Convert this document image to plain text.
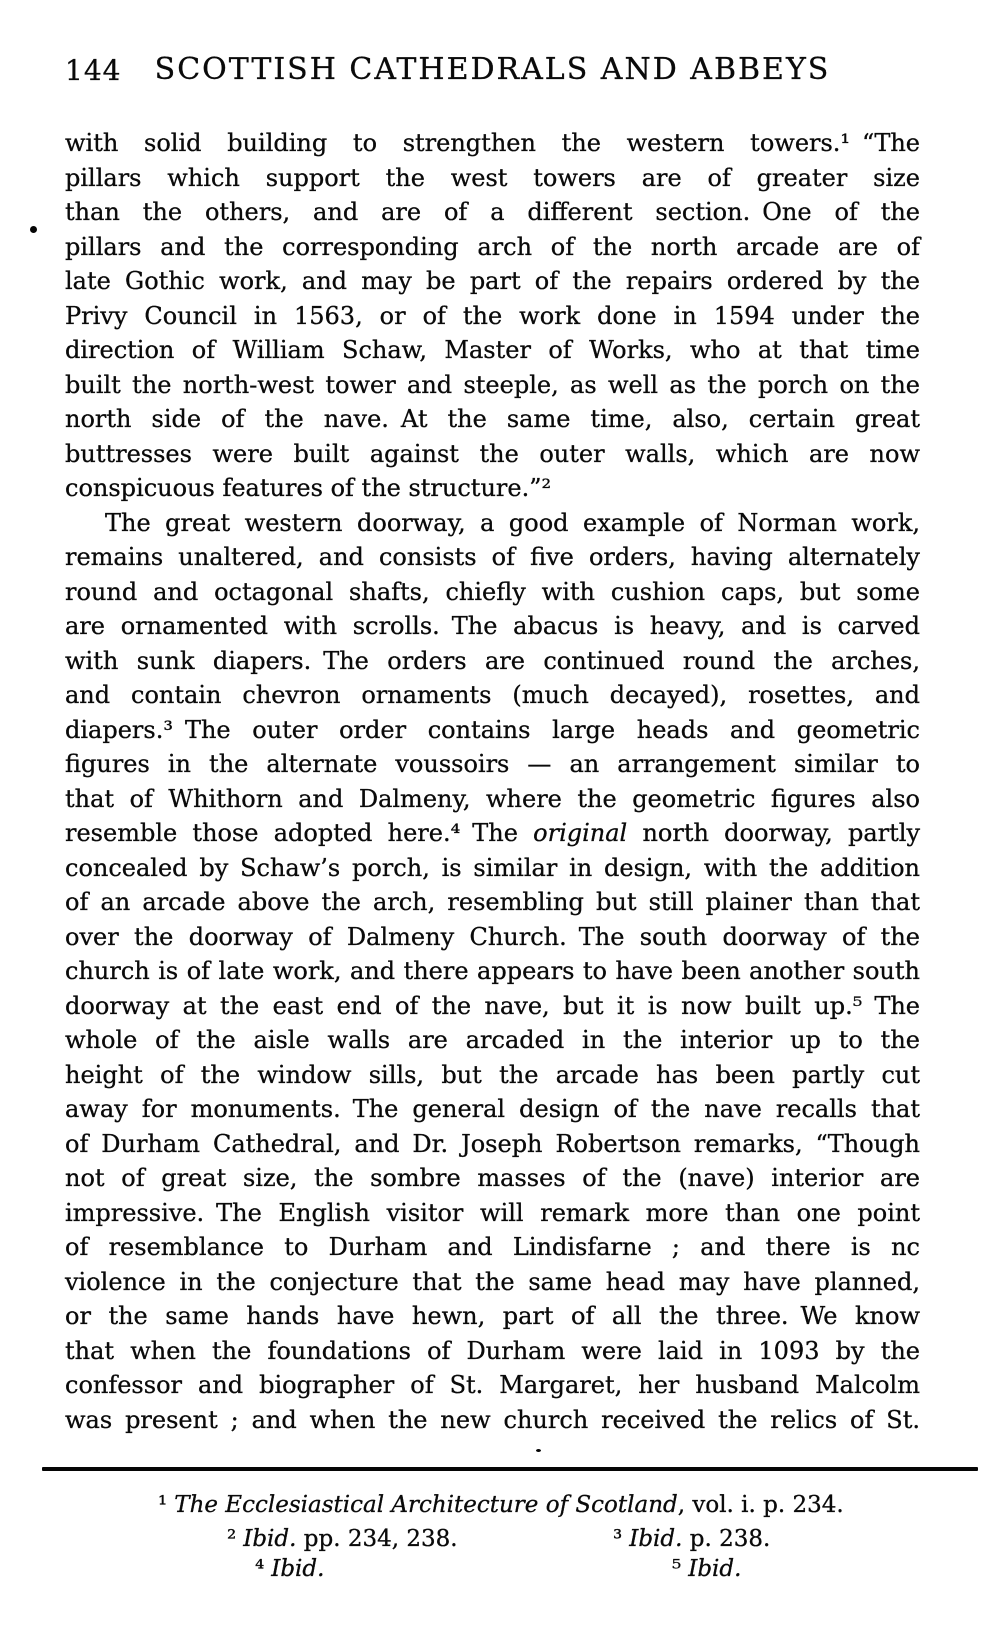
144	SCOTTISH CATHEDRALS AND ABBEYS
with solid building to strengthen the western towers.¹ “The
pillars which support the west towers are of greater size
than the others, and are of a different section. One of the
pillars and the corresponding arch of the north arcade are of
late Gothic work, and may be part of the repairs ordered by the
Privy Council in 1563, or of the work done in 1594 under the
direction of William Schaw, Master of Works, who at that time
built the north-west tower and steeple, as well as the porch on the
north side of the nave. At the same time, also, certain great
buttresses were built against the outer walls, which are now
conspicuous features of the structure.”²
The great western doorway, a good example of Norman work,
remains unaltered, and consists of five orders, having alternately
round and octagonal shafts, chiefly with cushion caps, but some
are ornamented with scrolls. The abacus is heavy, and is carved
with sunk diapers. The orders are continued round the arches,
and contain chevron ornaments (much decayed), rosettes, and
diapers.³ The outer order contains large heads and geometric
figures in the alternate voussoirs — an arrangement similar to
that of Whithorn and Dalmeny, where the geometric figures also
resemble those adopted here.⁴ The original north doorway, partly
concealed by Schaw’s porch, is similar in design, with the addition
of an arcade above the arch, resembling but still plainer than that
over the doorway of Dalmeny Church. The south doorway of the
church is of late work, and there appears to have been another south
doorway at the east end of the nave, but it is now built up.⁵ The
whole of the aisle walls are arcaded in the interior up to the
height of the window sills, but the arcade has been partly cut
away for monuments. The general design of the nave recalls that
of Durham Cathedral, and Dr. Joseph Robertson remarks, “Though
not of great size, the sombre masses of the (nave) interior are
impressive. The English visitor will remark more than one point
of resemblance to Durham and Lindisfarne ; and there is nc
violence in the conjecture that the same head may have planned,
or the same hands have hewn, part of all the three. We know
that when the foundations of Durham were laid in 1093 by the
confessor and biographer of St. Margaret, her husband Malcolm
was present ; and when the new church received the relics of St.
¹ The Ecclesiastical Architecture of Scotland, vol. i. p. 234.
² Ibid. pp. 234, 238.	³ Ibid. p. 238.
⁴ Ibid.	⁵ Ibid.
